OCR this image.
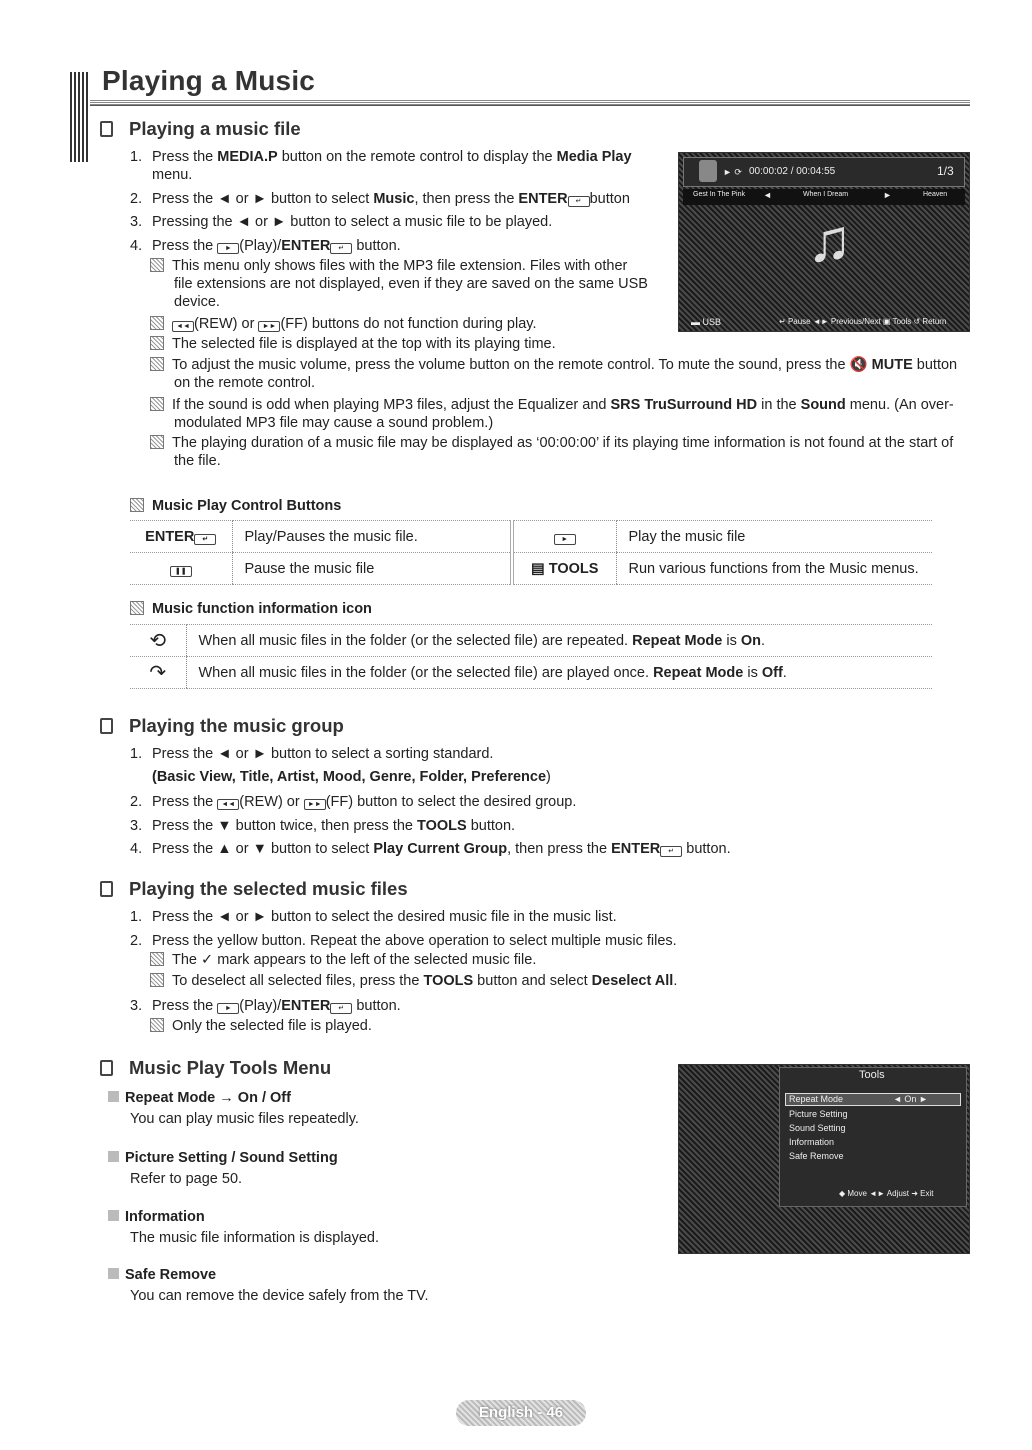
Playing a Music
Playing a music file
1. Press the MEDIA.P button on the remote control to display the Media Play
menu.
2. Press the ◄ or ► button to select Music, then press the ENTER ↵ button
3. Pressing the ◄ or ► button to select a music file to be played.
4. Press the ► (Play)/ENTER ↵ button.
This menu only shows files with the MP3 file extension. Files with other
file extensions are not displayed, even if they are saved on the same USB
device.
◄◄ (REW) or ►► (FF) buttons do not function during play.
The selected file is displayed at the top with its playing time.
To adjust the music volume, press the volume button on the remote control. To mute the sound, press the 🔇 MUTE button
on the remote control.
If the sound is odd when playing MP3 files, adjust the Equalizer and SRS TruSurround HD in the Sound menu. (An over-
modulated MP3 file may cause a sound problem.)
The playing duration of a music file may be displayed as ‘00:00:00’ if its playing time information is not found at the start of
the file.
► ⟳ 00:00:02 / 00:04:55	1/3
Gest In The Pink ◄	When I Dream	►	Heaven
♫
▬ USB	↵ Pause ◄► Previous/Next ▣ Tools ↺ Return
Music Play Control Buttons
ENTER ↵	Play/Pauses the music file.	►	Play the music file
❚❚	Pause the music file	▤ TOOLS	Run various functions from the Music menus.
Music function information icon
⟲	When all music files in the folder (or the selected file) are repeated. Repeat Mode is On.
↷	When all music files in the folder (or the selected file) are played once. Repeat Mode is Off.
Playing the music group
1. Press the ◄ or ► button to select a sorting standard.
(Basic View, Title, Artist, Mood, Genre, Folder, Preference)
2. Press the ◄◄ (REW) or ►► (FF) button to select the desired group.
3. Press the ▼ button twice, then press the TOOLS button.
4. Press the ▲ or ▼ button to select Play Current Group, then press the ENTER ↵ button.
Playing the selected music files
1. Press the ◄ or ► button to select the desired music file in the music list.
2. Press the yellow button. Repeat the above operation to select multiple music files.
The ✓ mark appears to the left of the selected music file.
To deselect all selected files, press the TOOLS button and select Deselect All.
3. Press the ► (Play)/ENTER ↵ button.
Only the selected file is played.
Music Play Tools Menu
Repeat Mode → On / Off
You can play music files repeatedly.
Picture Setting / Sound Setting
Refer to page 50.
Information
The music file information is displayed.
Safe Remove
You can remove the device safely from the TV.
Tools
Repeat Mode	◄ On ►
Picture Setting
Sound Setting
Information
Safe Remove
◆ Move ◄► Adjust ➜ Exit
English - 46
